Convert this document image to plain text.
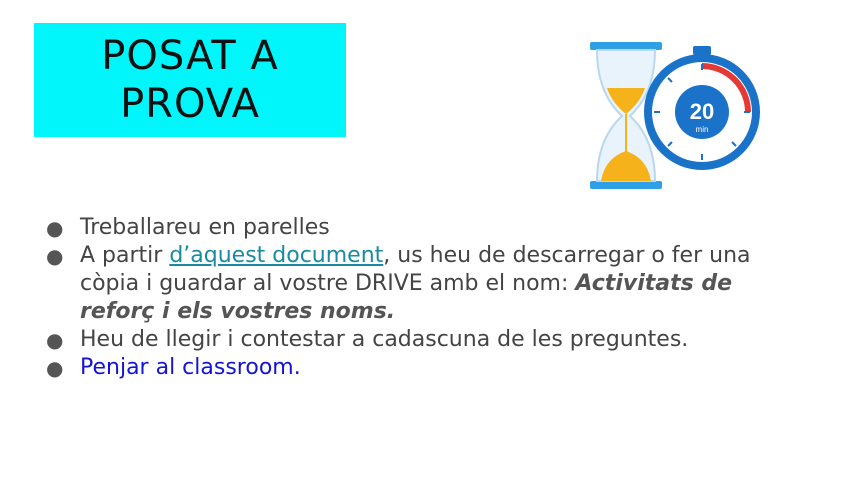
POSAT A
PROVA	20
min
● Treballareu en parelles
● A partir d’aquest document, us heu de descarregar o fer una còpia i guardar al vostre DRIVE amb el nom: Activitats de reforç i els vostres noms.
● Heu de llegir i contestar a cadascuna de les preguntes.
● Penjar al classroom.
